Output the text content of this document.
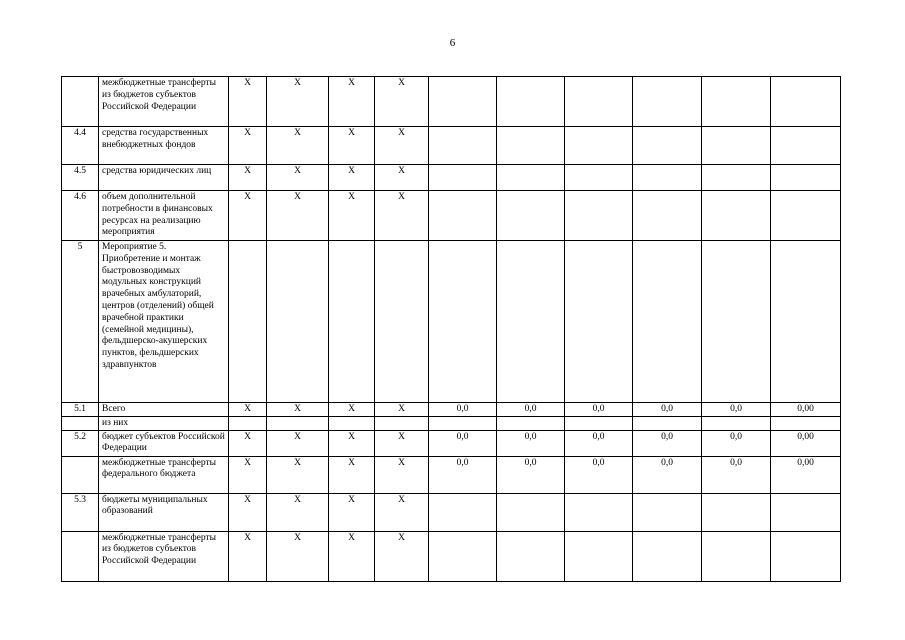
6
	межбюджетные трансферты из бюджетов субъектов Российской Федерации	X	X	X	X						
4.4	средства государственных внебюджетных фондов	X	X	X	X						
4.5	средства юридических лиц	X	X	X	X						
4.6	объем дополнительной потребности в финансовых ресурсах на реализацию мероприятия	X	X	X	X						
5	Мероприятие 5. Приобретение и монтаж быстровозводимых модульных конструкций врачебных амбулаторий, центров (отделений) общей врачебной практики (семейной медицины), фельдшерско-акушерских пунктов, фельдшерских здравпунктов										
5.1	Всего	X	X	X	X	0,0	0,0	0,0	0,0	0,0	0,00
	из них										
5.2	бюджет субъектов Российской Федерации	X	X	X	X	0,0	0,0	0,0	0,0	0,0	0,00
	межбюджетные трансферты федерального бюджета	X	X	X	X	0,0	0,0	0,0	0,0	0,0	0,00
5.3	бюджеты муниципальных образований	X	X	X	X						
	межбюджетные трансферты из бюджетов субъектов Российской Федерации	X	X	X	X						
